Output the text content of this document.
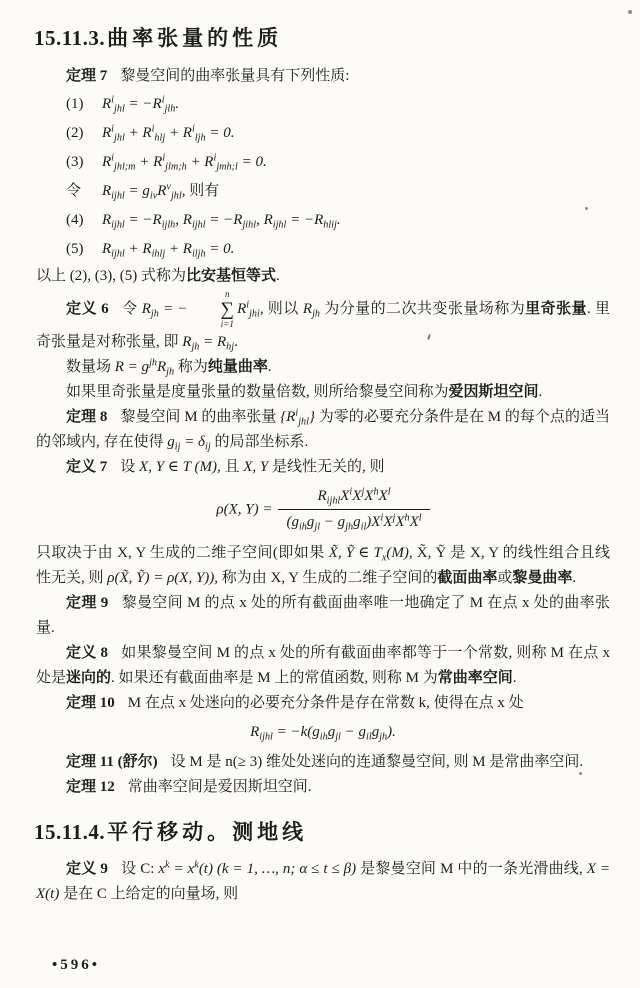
15.11.3.曲率张量的性质

定理 7 黎曼空间的曲率张量具有下列性质:

(1) $R^i_{jhl} = -R^i_{jlh}$.
(2) $R^i_{jhl} + R^i_{hlj} + R^i_{ljh} = 0$.
(3) $R^i_{jhl;m} + R^i_{jlm;h} + R^i_{jmh;l} = 0$.
令 $R_{ijhl} = g_{iv}R^v_{jhl}$, 则有
(4) $R_{ijhl} = -R_{ijlh}$, $R_{ijhl} = -R_{jihl}$, $R_{ijhl} = -R_{hlij}$.
(5) $R_{ijhl} + R_{ihlj} + R_{iljh} = 0$.

以上 (2), (3), (5) 式称为比安基恒等式.

定义 6 令 $R_{jh}$ = −
n
∑
i=1
$R^i_{jhi}$, 则以 $R_{jh}$ 为分量的二次共变张量场称为里奇张量. 里奇张量是对称张量, 即 $R_{jh} = R_{hj}$.

数量场 $R = g^{jh}R_{jh}$ 称为纯量曲率.

如果里奇张量是度量张量的数量倍数, 则所给黎曼空间称为爱因斯坦空间.

定理 8 黎曼空间 M 的曲率张量 $\{R^i_{jhl}\}$ 为零的必要充分条件是在 M 的每个点的适当的邻域内, 存在使得 $g_{ij} = \delta_{ij}$ 的局部坐标系.

定义 7 设 X, Y ∈ T (M), 且 X, Y 是线性无关的, 则

ρ(X, $Y) = \frac{R_{ijhl}X^iX^jX^hX^l}{(g_{ih}g_{jl} - g_{jh}g_{il})X^iX^jX^hX^l}$

只取决于由 X, Y 生成的二维子空间(即如果 X̃, Ỹ ∈ $T_x(M)$, X̃, Ỹ 是 X, Y 的线性组合且线性无关, 则 ρ(X̃, Ỹ) = ρ(X, Y)), 称为由 X, Y 生成的二维子空间的截面曲率或黎曼曲率.

定理 9 黎曼空间 M 的点 x 处的所有截面曲率唯一地确定了 M 在点 x 处的曲率张量.

定义 8 如果黎曼空间 M 的点 x 处的所有截面曲率都等于一个常数, 则称 M 在点 x 处是迷向的. 如果还有截面曲率是 M 上的常值函数, 则称 M 为常曲率空间.

定理 10 M 在点 x 处迷向的必要充分条件是存在常数 k, 使得在点 x 处

$R_{ijhl} = -k(g_{ih}g_{jl} - g_{il}g_{jh})$.

定理 11 (舒尔) 设 M 是 n(≥ 3) 维处处迷向的连通黎曼空间, 则 M 是常曲率空间.

定理 12 常曲率空间是爱因斯坦空间.

15.11.4.平行移动。测地线

定义 9 设 C: $x^k = x^k(t) (k = 1$, …, n; α ≤ t ≤ β) 是黎曼空间 M 中的一条光滑曲线, X = X(t) 是在 C 上给定的向量场, 则

•596•
